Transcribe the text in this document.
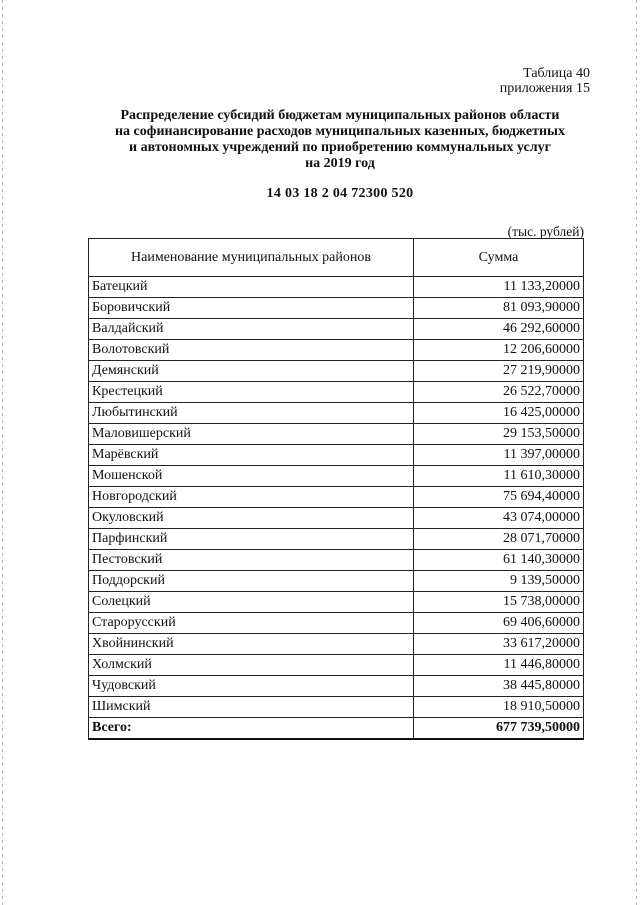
Таблица 40
приложения 15
Распределение субсидий бюджетам муниципальных районов области
на софинансирование расходов муниципальных казенных, бюджетных
и автономных учреждений по приобретению коммунальных услуг
на 2019 год
14 03 18 2 04 72300 520
(тыс. рублей)
Наименование муниципальных районов	Сумма
Батецкий	11 133,20000
Боровичский	81 093,90000
Валдайский	46 292,60000
Волотовский	12 206,60000
Демянский	27 219,90000
Крестецкий	26 522,70000
Любытинский	16 425,00000
Маловишерский	29 153,50000
Марёвский	11 397,00000
Мошенской	11 610,30000
Новгородский	75 694,40000
Окуловский	43 074,00000
Парфинский	28 071,70000
Пестовский	61 140,30000
Поддорский	9 139,50000
Солецкий	15 738,00000
Старорусский	69 406,60000
Хвойнинский	33 617,20000
Холмский	11 446,80000
Чудовский	38 445,80000
Шимский	18 910,50000
Всего:	677 739,50000
